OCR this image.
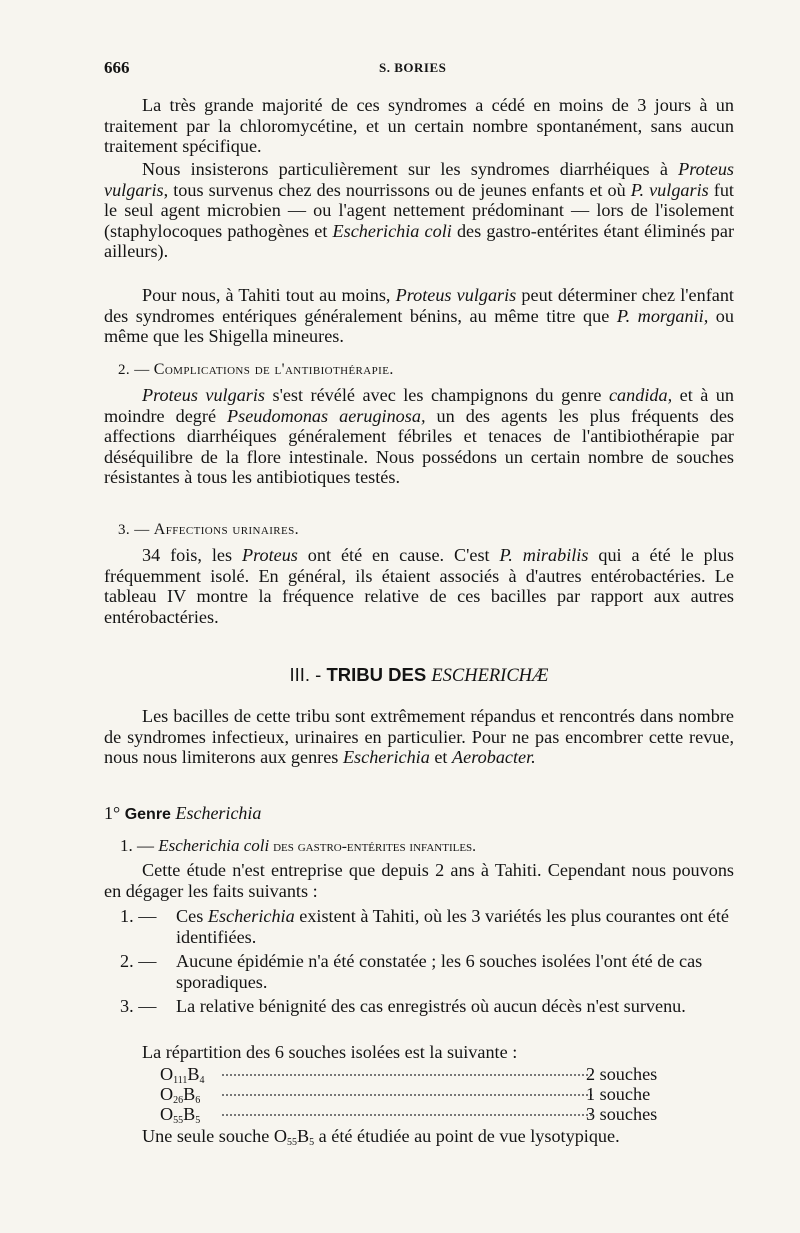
666	S. BORIES

La très grande majorité de ces syndromes a cédé en moins de 3 jours à un traitement par la chloromycétine, et un certain nombre spontanément, sans aucun traitement spécifique.

Nous insisterons particulièrement sur les syndromes diarrhéiques à Proteus vulgaris, tous survenus chez des nourrissons ou de jeunes enfants et où P. vulgaris fut le seul agent microbien — ou l'agent nettement prédominant — lors de l'isolement (staphylocoques pathogènes et Escherichia coli des gastro-entérites étant éliminés par ailleurs).

Pour nous, à Tahiti tout au moins, Proteus vulgaris peut déterminer chez l'enfant des syndromes entériques généralement bénins, au même titre que P. morganii, ou même que les Shigella mineures.

2. — Complications de l'antibiothérapie.

Proteus vulgaris s'est révélé avec les champignons du genre candida, et à un moindre degré Pseudomonas aeruginosa, un des agents les plus fréquents des affections diarrhéiques généralement fébriles et tenaces de l'antibiothérapie par déséquilibre de la flore intestinale. Nous possédons un certain nombre de souches résistantes à tous les antibiotiques testés.

3. — Affections urinaires.

34 fois, les Proteus ont été en cause. C'est P. mirabilis qui a été le plus fréquemment isolé. En général, ils étaient associés à d'autres entérobactéries. Le tableau IV montre la fréquence relative de ces bacilles par rapport aux autres entérobactéries.

III. - TRIBU DES ESCHERICHÆ

Les bacilles de cette tribu sont extrêmement répandus et rencontrés dans nombre de syndromes infectieux, urinaires en particulier. Pour ne pas encombrer cette revue, nous nous limiterons aux genres Escherichia et Aerobacter.

1° Genre Escherichia
1. — Escherichia coli des gastro-entérites infantiles.

Cette étude n'est entreprise que depuis 2 ans à Tahiti. Cependant nous pouvons en dégager les faits suivants :

1. — Ces Escherichia existent à Tahiti, où les 3 variétés les plus courantes ont été identifiées.
2. — Aucune épidémie n'a été constatée ; les 6 souches isolées l'ont été de cas sporadiques.
3. — La relative bénignité des cas enregistrés où aucun décès n'est survenu.
La répartition des 6 souches isolées est la suivante :
$O_{111}B_4$	2 souches
$O_{26}B_6$	1 souche
$O_{55}B_5$	3 souches
Une seule souche $O_{55}B_5$ a été étudiée au point de vue lysotypique.
